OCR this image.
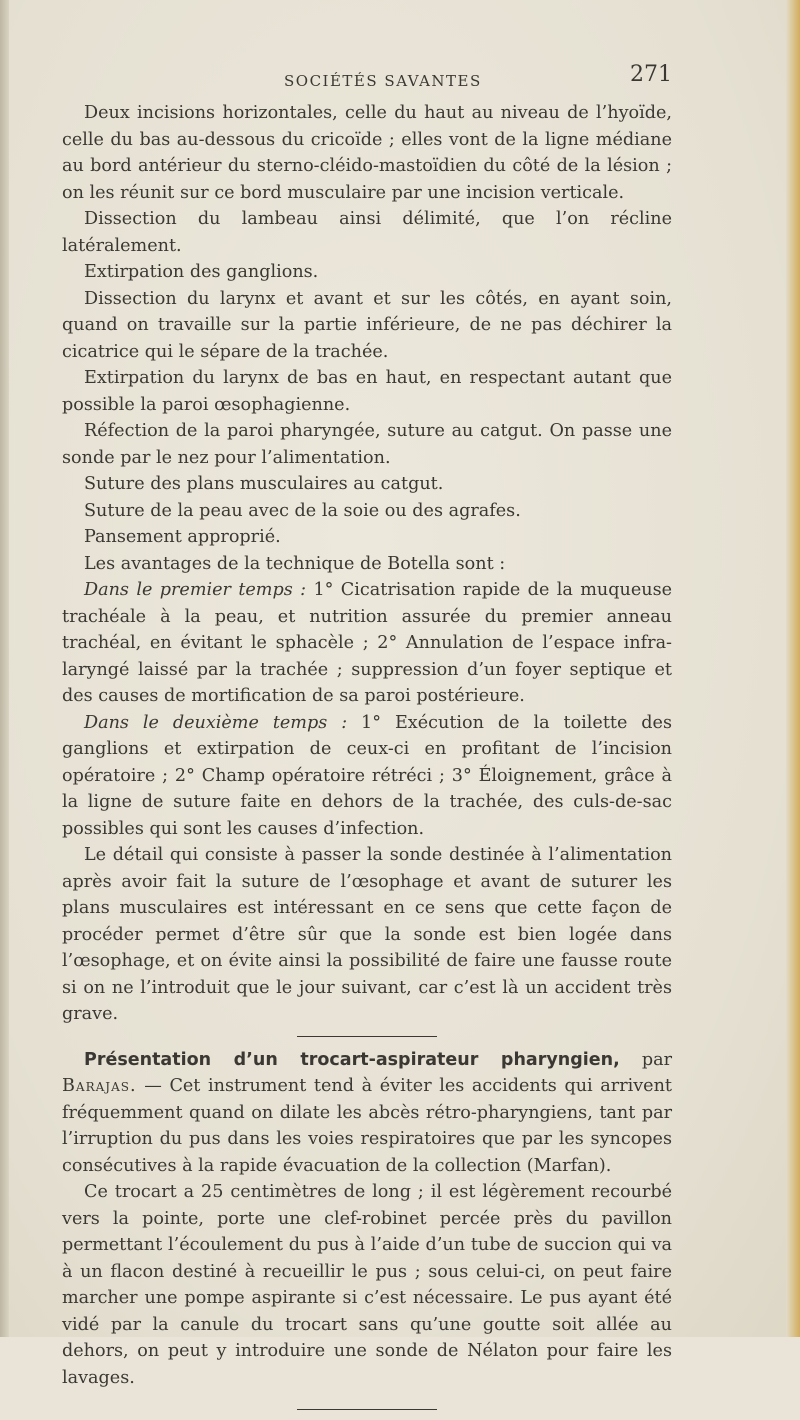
SOCIÉTÉS SAVANTES	271

Deux incisions horizontales, celle du haut au niveau de l’hyoïde, celle du bas au-dessous du cricoïde ; elles vont de la ligne médiane au bord antérieur du sterno-cléido-mastoïdien du côté de la lésion ; on les réunit sur ce bord musculaire par une incision verticale.

Dissection du lambeau ainsi délimité, que l’on récline latéralement.

Extirpation des ganglions.

Dissection du larynx et avant et sur les côtés, en ayant soin, quand on travaille sur la partie inférieure, de ne pas déchirer la cicatrice qui le sépare de la trachée.

Extirpation du larynx de bas en haut, en respectant autant que possible la paroi œsophagienne.

Réfection de la paroi pharyngée, suture au catgut. On passe une sonde par le nez pour l’alimentation.

Suture des plans musculaires au catgut.

Suture de la peau avec de la soie ou des agrafes.

Pansement approprié.

Les avantages de la technique de Botella sont :

Dans le premier temps : 1° Cicatrisation rapide de la muqueuse trachéale à la peau, et nutrition assurée du premier anneau trachéal, en évitant le sphacèle ; 2° Annulation de l’espace infra-laryngé laissé par la trachée ; suppression d’un foyer septique et des causes de mortification de sa paroi postérieure.

Dans le deuxième temps : 1° Exécution de la toilette des ganglions et extirpation de ceux-ci en profitant de l’incision opératoire ; 2° Champ opératoire rétréci ; 3° Éloignement, grâce à la ligne de suture faite en dehors de la trachée, des culs-de-sac possibles qui sont les causes d’infection.

Le détail qui consiste à passer la sonde destinée à l’alimentation après avoir fait la suture de l’œsophage et avant de suturer les plans musculaires est intéressant en ce sens que cette façon de procéder permet d’être sûr que la sonde est bien logée dans l’œsophage, et on évite ainsi la possibilité de faire une fausse route si on ne l’introduit que le jour suivant, car c’est là un accident très grave.

Présentation d’un trocart-aspirateur pharyngien, par Barajas. — Cet instrument tend à éviter les accidents qui arrivent fréquemment quand on dilate les abcès rétro-pharyngiens, tant par l’irruption du pus dans les voies respiratoires que par les syncopes consécutives à la rapide évacuation de la collection (Marfan).

Ce trocart a 25 centimètres de long ; il est légèrement recourbé vers la pointe, porte une clef-robinet percée près du pavillon permettant l’écoulement du pus à l’aide d’un tube de succion qui va à un flacon destiné à recueillir le pus ; sous celui-ci, on peut faire marcher une pompe aspirante si c’est nécessaire. Le pus ayant été vidé par la canule du trocart sans qu’une goutte soit allée au dehors, on peut y introduire une sonde de Nélaton pour faire les lavages.
